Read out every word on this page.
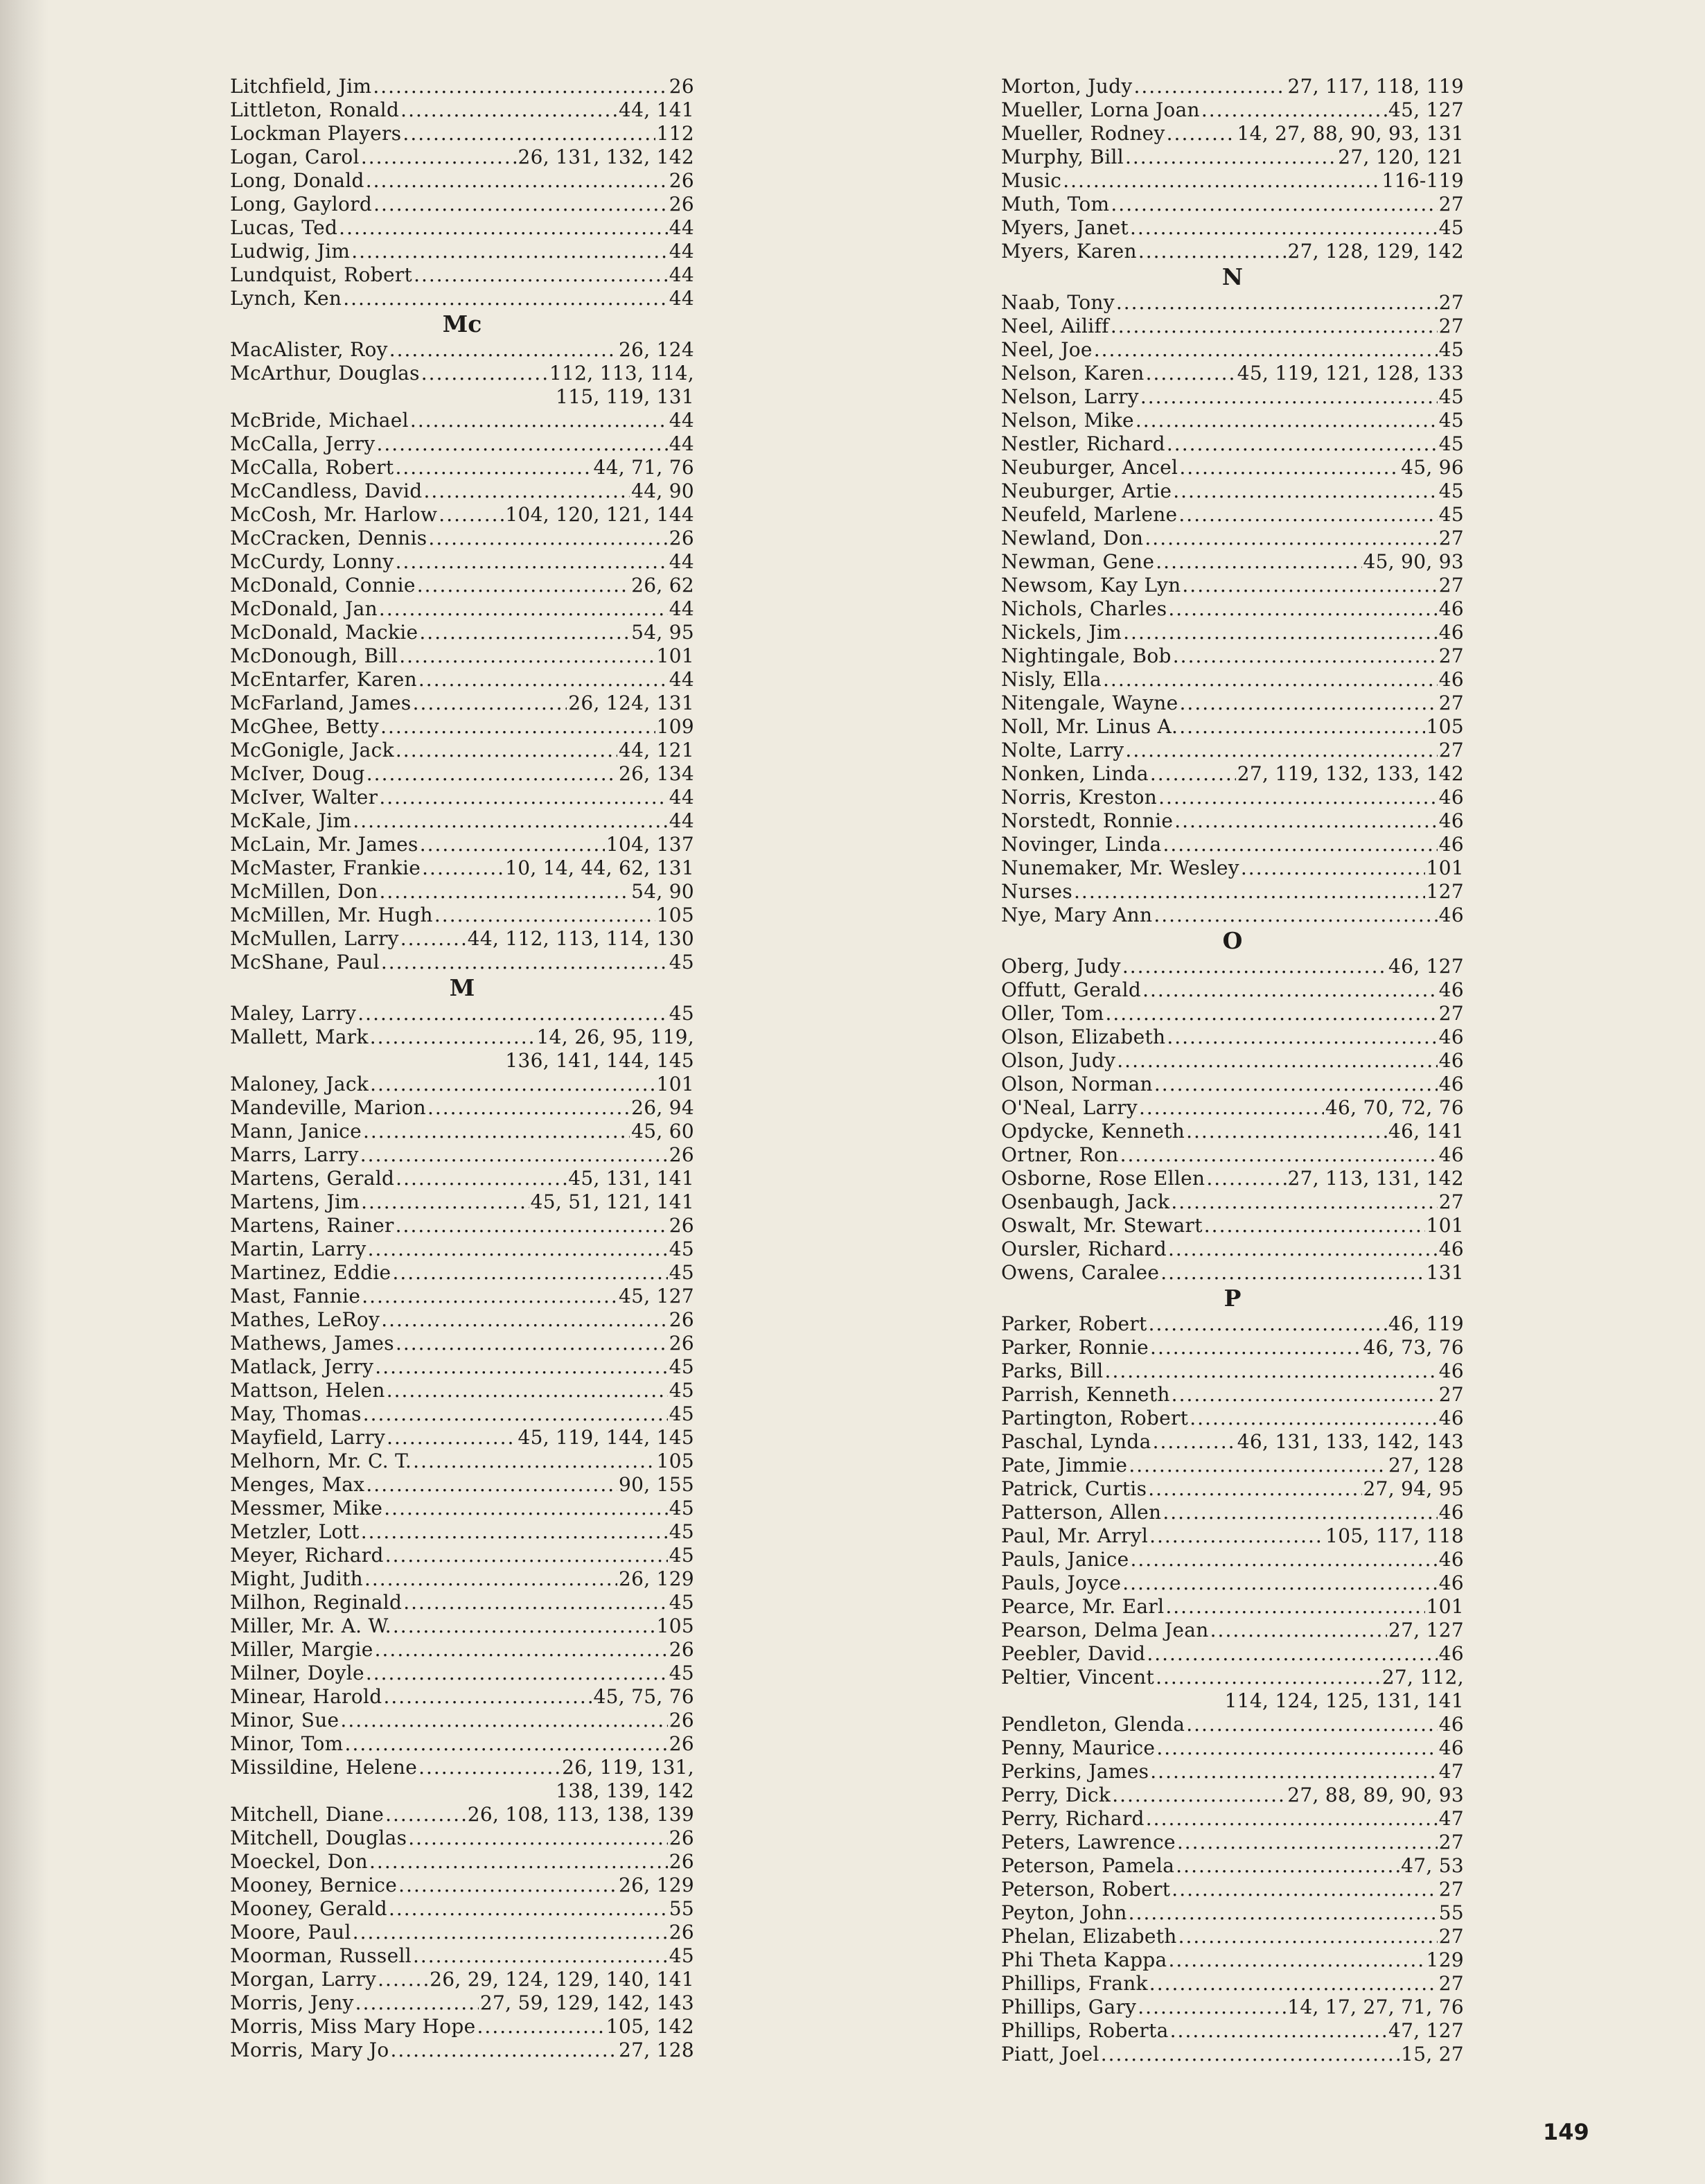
Litchfield, Jim .....	26
Littleton, Ronald .....	44, 141
Lockman Players .....	112
Logan, Carol .....	26, 131, 132, 142
Long, Donald .....	26
Long, Gaylord .....	26
Lucas, Ted .....	44
Ludwig, Jim .....	44
Lundquist, Robert .....	44
Lynch, Ken .....	44
Mc
MacAlister, Roy .....	26, 124
McArthur, Douglas .....	112, 113, 114,
115, 119, 131
McBride, Michael .....	44
McCalla, Jerry .....	44
McCalla, Robert .....	44, 71, 76
McCandless, David .....	44, 90
McCosh, Mr. Harlow .....	104, 120, 121, 144
McCracken, Dennis .....	26
McCurdy, Lonny .....	44
McDonald, Connie .....	26, 62
McDonald, Jan .....	44
McDonald, Mackie .....	54, 95
McDonough, Bill .....	101
McEntarfer, Karen .....	44
McFarland, James .....	26, 124, 131
McGhee, Betty .....	109
McGonigle, Jack .....	44, 121
McIver, Doug .....	26, 134
McIver, Walter .....	44
McKale, Jim .....	44
McLain, Mr. James .....	104, 137
McMaster, Frankie .....	10, 14, 44, 62, 131
McMillen, Don .....	54, 90
McMillen, Mr. Hugh .....	105
McMullen, Larry .....	44, 112, 113, 114, 130
McShane, Paul .....	45
M
Maley, Larry .....	45
Mallett, Mark .....	14, 26, 95, 119,
136, 141, 144, 145
Maloney, Jack .....	101
Mandeville, Marion .....	26, 94
Mann, Janice .....	45, 60
Marrs, Larry .....	26
Martens, Gerald .....	45, 131, 141
Martens, Jim .....	45, 51, 121, 141
Martens, Rainer .....	26
Martin, Larry .....	45
Martinez, Eddie .....	45
Mast, Fannie .....	45, 127
Mathes, LeRoy .....	26
Mathews, James .....	26
Matlack, Jerry .....	45
Mattson, Helen .....	45
May, Thomas .....	45
Mayfield, Larry .....	45, 119, 144, 145
Melhorn, Mr. C. T. .....	105
Menges, Max .....	90, 155
Messmer, Mike .....	45
Metzler, Lott .....	45
Meyer, Richard .....	45
Might, Judith .....	26, 129
Milhon, Reginald .....	45
Miller, Mr. A. W. .....	105
Miller, Margie .....	26
Milner, Doyle .....	45
Minear, Harold .....	45, 75, 76
Minor, Sue .....	26
Minor, Tom .....	26
Missildine, Helene .....	26, 119, 131,
138, 139, 142
Mitchell, Diane .....	26, 108, 113, 138, 139
Mitchell, Douglas .....	26
Moeckel, Don .....	26
Mooney, Bernice .....	26, 129
Mooney, Gerald .....	55
Moore, Paul .....	26
Moorman, Russell .....	45
Morgan, Larry .....	26, 29, 124, 129, 140, 141
Morris, Jeny .....	27, 59, 129, 142, 143
Morris, Miss Mary Hope .....	105, 142
Morris, Mary Jo .....	27, 128
Morton, Judy .....	27, 117, 118, 119
Mueller, Lorna Joan .....	45, 127
Mueller, Rodney .....	14, 27, 88, 90, 93, 131
Murphy, Bill .....	27, 120, 121
Music .....	116-119
Muth, Tom .....	27
Myers, Janet .....	45
Myers, Karen .....	27, 128, 129, 142
N
Naab, Tony .....	27
Neel, Ailiff .....	27
Neel, Joe .....	45
Nelson, Karen .....	45, 119, 121, 128, 133
Nelson, Larry .....	45
Nelson, Mike .....	45
Nestler, Richard .....	45
Neuburger, Ancel .....	45, 96
Neuburger, Artie .....	45
Neufeld, Marlene .....	45
Newland, Don .....	27
Newman, Gene .....	45, 90, 93
Newsom, Kay Lyn .....	27
Nichols, Charles .....	46
Nickels, Jim .....	46
Nightingale, Bob .....	27
Nisly, Ella .....	46
Nitengale, Wayne .....	27
Noll, Mr. Linus A. .....	105
Nolte, Larry .....	27
Nonken, Linda .....	27, 119, 132, 133, 142
Norris, Kreston .....	46
Norstedt, Ronnie .....	46
Novinger, Linda .....	46
Nunemaker, Mr. Wesley .....	101
Nurses .....	127
Nye, Mary Ann .....	46
O
Oberg, Judy .....	46, 127
Offutt, Gerald .....	46
Oller, Tom .....	27
Olson, Elizabeth .....	46
Olson, Judy .....	46
Olson, Norman .....	46
O'Neal, Larry .....	46, 70, 72, 76
Opdycke, Kenneth .....	46, 141
Ortner, Ron .....	46
Osborne, Rose Ellen .....	27, 113, 131, 142
Osenbaugh, Jack .....	27
Oswalt, Mr. Stewart .....	101
Oursler, Richard .....	46
Owens, Caralee .....	131
P
Parker, Robert .....	46, 119
Parker, Ronnie .....	46, 73, 76
Parks, Bill .....	46
Parrish, Kenneth .....	27
Partington, Robert .....	46
Paschal, Lynda .....	46, 131, 133, 142, 143
Pate, Jimmie .....	27, 128
Patrick, Curtis .....	27, 94, 95
Patterson, Allen .....	46
Paul, Mr. Arryl .....	105, 117, 118
Pauls, Janice .....	46
Pauls, Joyce .....	46
Pearce, Mr. Earl .....	101
Pearson, Delma Jean .....	27, 127
Peebler, David .....	46
Peltier, Vincent .....	27, 112,
114, 124, 125, 131, 141
Pendleton, Glenda .....	46
Penny, Maurice .....	46
Perkins, James .....	47
Perry, Dick .....	27, 88, 89, 90, 93
Perry, Richard .....	47
Peters, Lawrence .....	27
Peterson, Pamela .....	47, 53
Peterson, Robert .....	27
Peyton, John .....	55
Phelan, Elizabeth .....	27
Phi Theta Kappa .....	129
Phillips, Frank .....	27
Phillips, Gary .....	14, 17, 27, 71, 76
Phillips, Roberta .....	47, 127
Piatt, Joel .....	15, 27
149
